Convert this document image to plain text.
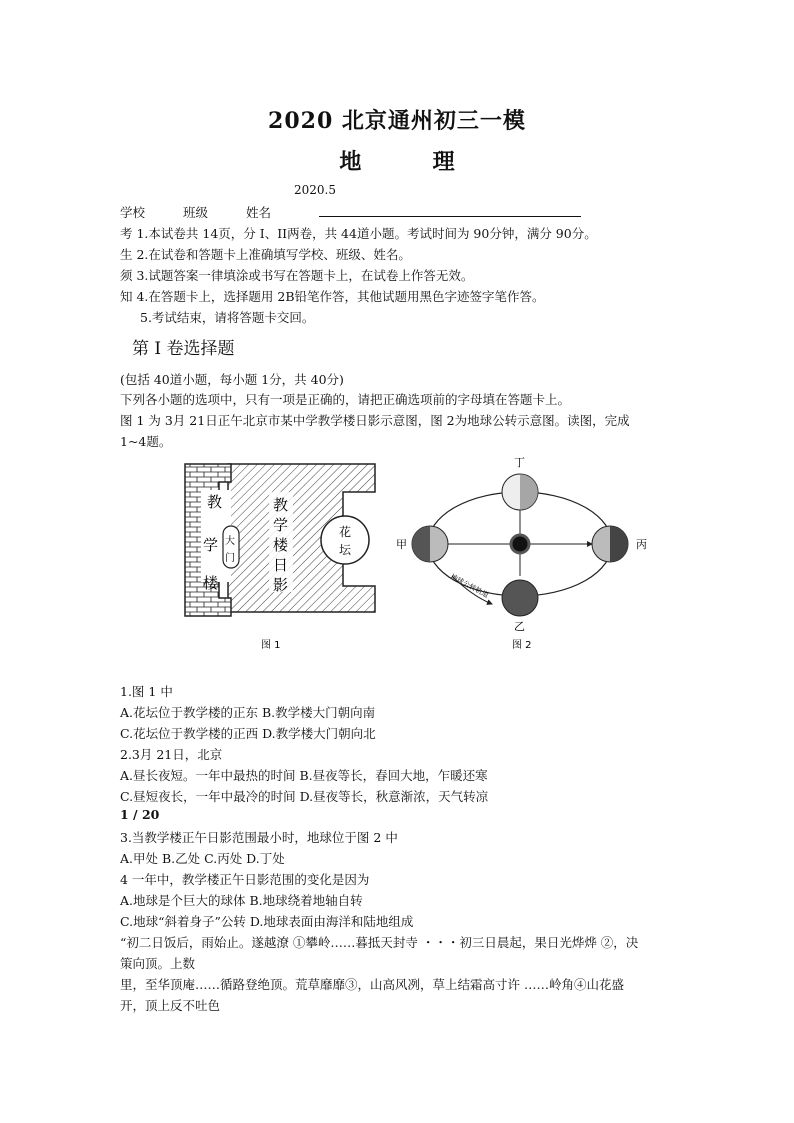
2020 北京通州初三一模
地	理
2020.5
学校	班级	姓名
考 1.本试卷共 14页，分 I、II两卷，共 44道小题。考试时间为 90分钟，满分 90分。
生 2.在试卷和答题卡上准确填写学校、班级、姓名。
须 3.试题答案一律填涂或书写在答题卡上，在试卷上作答无效。
知 4.在答题卡上，选择题用 2B铅笔作答，其他试题用黑色字迹签字笔作答。
5.考试结束，请将答题卡交回。
第 I 卷选择题
(包括 40道小题，每小题 1分，共 40分)
下列各小题的选项中，只有一项是正确的，请把正确选项前的字母填在答题卡上。
图 1 为 3月 21日正午北京市某中学教学楼日影示意图，图 2为地球公转示意图。读图，完成
1~4题。
教
学
楼
大
门
教
学
楼
日
影
花
坛
图 1
丁
甲	丙
乙
地球公转轨道
图 2
1.图 1 中
A.花坛位于教学楼的正东 B.教学楼大门朝向南
C.花坛位于教学楼的正西 D.教学楼大门朝向北
2.3月 21日，北京
A.昼长夜短。一年中最热的时间 B.昼夜等长，春回大地，乍暖还寒
C.昼短夜长，一年中最冷的时间 D.昼夜等长，秋意渐浓，天气转凉
1 / 20
3.当教学楼正午日影范围最小时，地球位于图 2 中
A.甲处 B.乙处 C.丙处 D.丁处
4 一年中，教学楼正午日影范围的变化是因为
A.地球是个巨大的球体 B.地球绕着地轴自转
C.地球“斜着身子”公转 D.地球表面由海洋和陆地组成
“初二日饭后，雨始止。遂越潦 ①攀岭……暮抵天封寺 ・・・初三日晨起，果日光烨烨 ②，决
策向顶。上数
里，至华顶庵……循路登绝顶。荒草靡靡③，山高风冽，草上结霜高寸许 ……岭角④山花盛
开，顶上反不吐色
